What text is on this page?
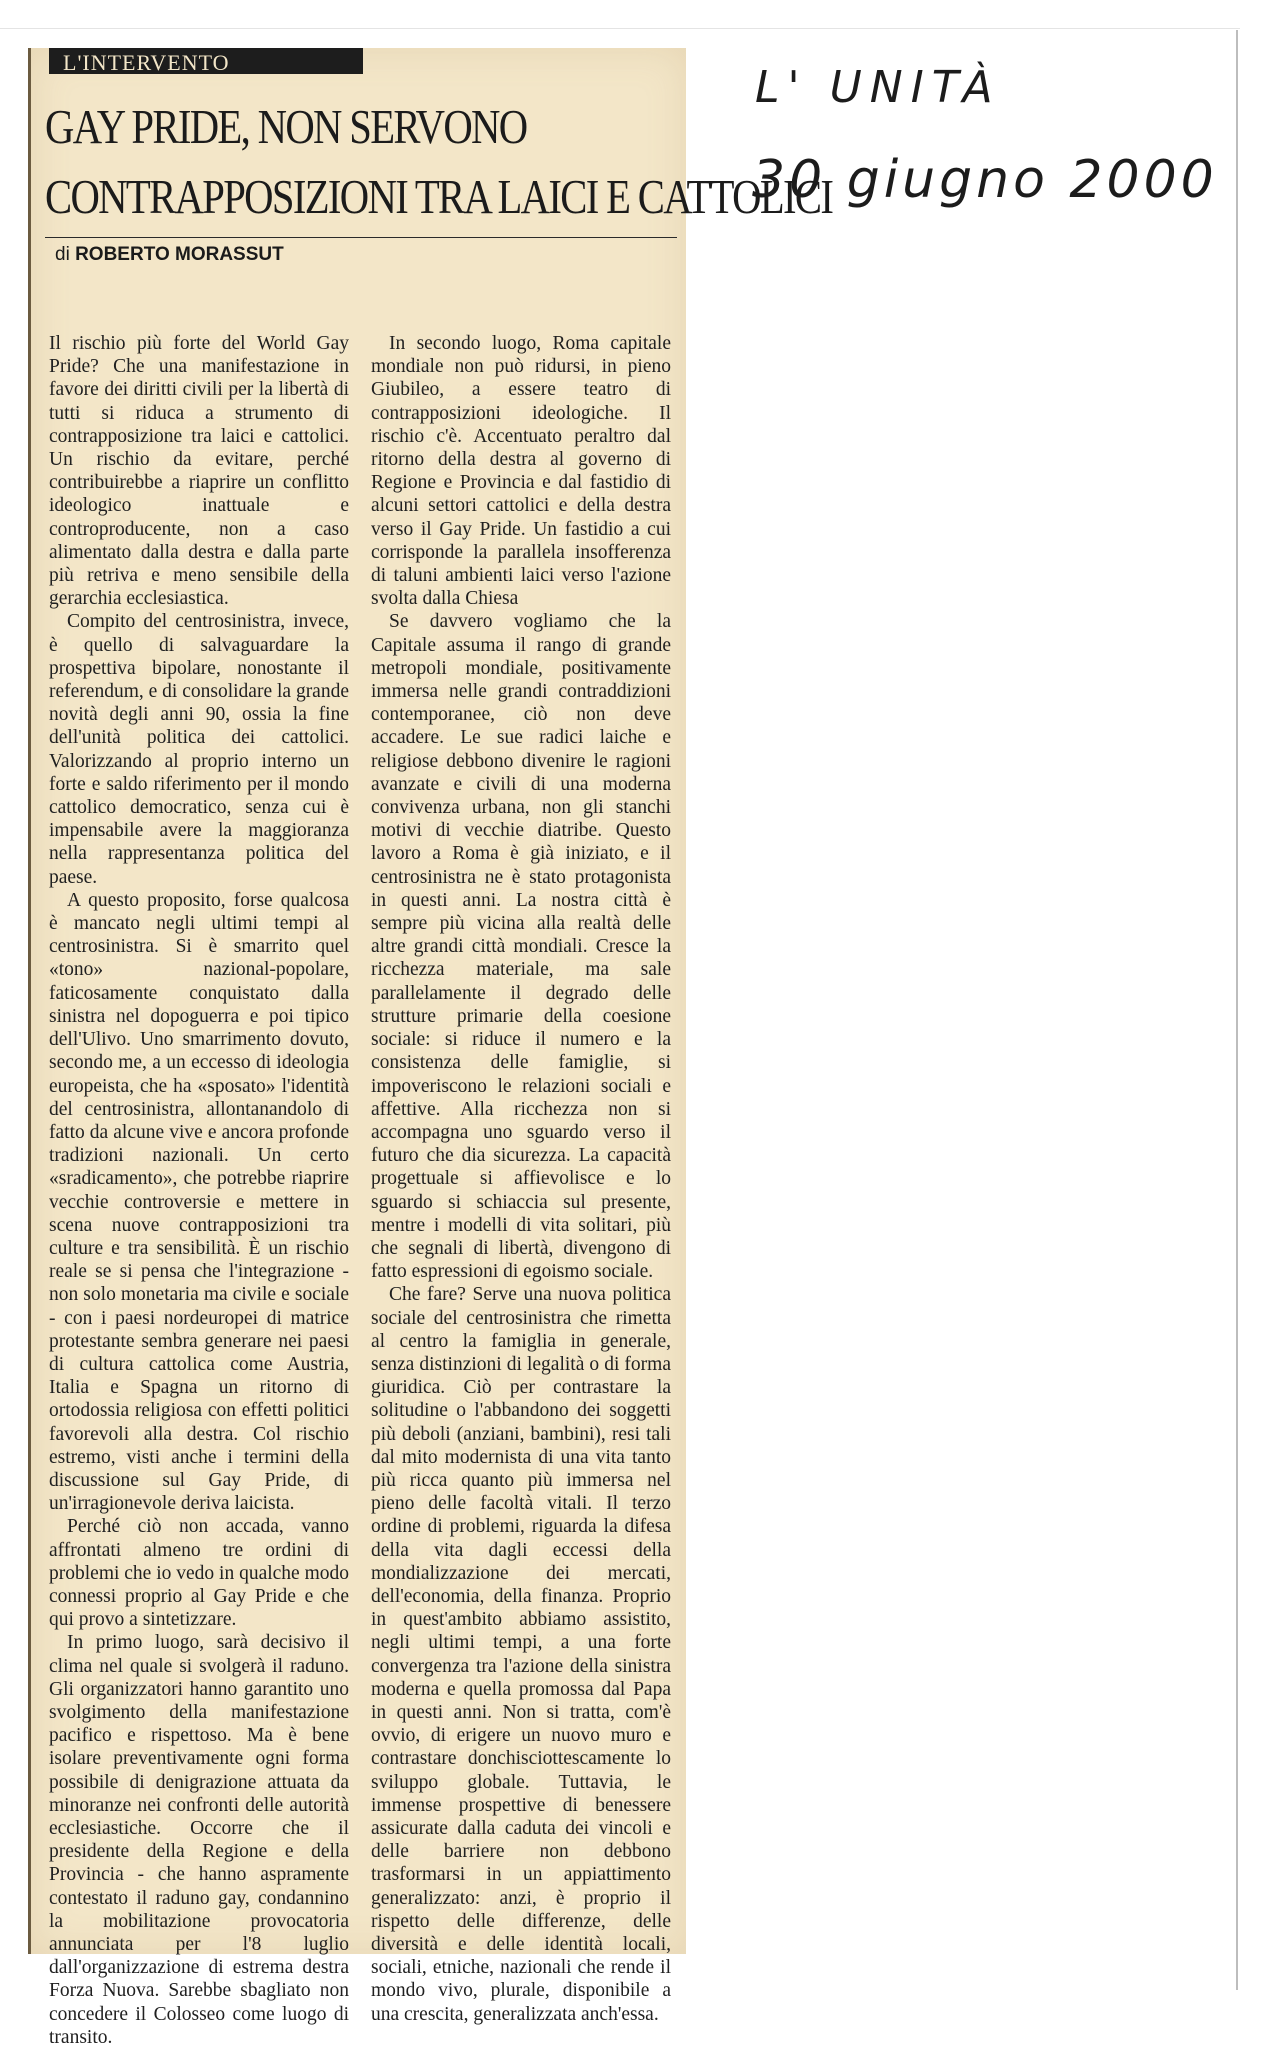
L'INTERVENTO
GAY PRIDE, NON SERVONO
CONTRAPPOSIZIONI TRA LAICI E CATTOLICI
di ROBERTO MORASSUT

Il rischio più forte del World Gay Pride? Che una manifestazione in favore dei diritti civili per la libertà di tutti si riduca a strumento di contrapposizione tra laici e cattolici. Un rischio da evitare, perché contribuirebbe a riaprire un conflitto ideologico inattuale e controproducente, non a caso alimentato dalla destra e dalla parte più retriva e meno sensibile della gerarchia ecclesiastica.

Compito del centrosinistra, invece, è quello di salvaguardare la prospettiva bipolare, nonostante il referendum, e di consolidare la grande novità degli anni 90, ossia la fine dell'unità politica dei cattolici. Valorizzando al proprio interno un forte e saldo riferimento per il mondo cattolico democratico, senza cui è impensabile avere la maggioranza nella rappresentanza politica del paese.

A questo proposito, forse qualcosa è mancato negli ultimi tempi al centrosinistra. Si è smarrito quel «tono» nazional-popolare, faticosamente conquistato dalla sinistra nel dopoguerra e poi tipico dell'Ulivo. Uno smarrimento dovuto, secondo me, a un eccesso di ideologia europeista, che ha «sposato» l'identità del centrosinistra, allontanandolo di fatto da alcune vive e ancora profonde tradizioni nazionali. Un certo «sradicamento», che potrebbe riaprire vecchie controversie e mettere in scena nuove contrapposizioni tra culture e tra sensibilità. È un rischio reale se si pensa che l'integrazione - non solo monetaria ma civile e sociale - con i paesi nordeuropei di matrice protestante sembra generare nei paesi di cultura cattolica come Austria, Italia e Spagna un ritorno di ortodossia religiosa con effetti politici favorevoli alla destra. Col rischio estremo, visti anche i termini della discussione sul Gay Pride, di un'irragionevole deriva laicista.

Perché ciò non accada, vanno affrontati almeno tre ordini di problemi che io vedo in qualche modo connessi proprio al Gay Pride e che qui provo a sintetizzare.

In primo luogo, sarà decisivo il clima nel quale si svolgerà il raduno. Gli organizzatori hanno garantito uno svolgimento della manifestazione pacifico e rispettoso. Ma è bene isolare preventivamente ogni forma possibile di denigrazione attuata da minoranze nei confronti delle autorità ecclesiastiche. Occorre che il presidente della Regione e della Provincia - che hanno aspramente contestato il raduno gay, condannino la mobilitazione provocatoria annunciata per l'8 luglio dall'organizzazione di estrema destra Forza Nuova. Sarebbe sbagliato non concedere il Colosseo come luogo di transito.

In secondo luogo, Roma capitale mondiale non può ridursi, in pieno Giubileo, a essere teatro di contrapposizioni ideologiche. Il rischio c'è. Accentuato peraltro dal ritorno della destra al governo di Regione e Provincia e dal fastidio di alcuni settori cattolici e della destra verso il Gay Pride. Un fastidio a cui corrisponde la parallela insofferenza di taluni ambienti laici verso l'azione svolta dalla Chiesa

Se davvero vogliamo che la Capitale assuma il rango di grande metropoli mondiale, positivamente immersa nelle grandi contraddizioni contemporanee, ciò non deve accadere. Le sue radici laiche e religiose debbono divenire le ragioni avanzate e civili di una moderna convivenza urbana, non gli stanchi motivi di vecchie diatribe. Questo lavoro a Roma è già iniziato, e il centrosinistra ne è stato protagonista in questi anni. La nostra città è sempre più vicina alla realtà delle altre grandi città mondiali. Cresce la ricchezza materiale, ma sale parallelamente il degrado delle strutture primarie della coesione sociale: si riduce il numero e la consistenza delle famiglie, si impoveriscono le relazioni sociali e affettive. Alla ricchezza non si accompagna uno sguardo verso il futuro che dia sicurezza. La capacità progettuale si affievolisce e lo sguardo si schiaccia sul presente, mentre i modelli di vita solitari, più che segnali di libertà, divengono di fatto espressioni di egoismo sociale.

Che fare? Serve una nuova politica sociale del centrosinistra che rimetta al centro la famiglia in generale, senza distinzioni di legalità o di forma giuridica. Ciò per contrastare la solitudine o l'abbandono dei soggetti più deboli (anziani, bambini), resi tali dal mito modernista di una vita tanto più ricca quanto più immersa nel pieno delle facoltà vitali. Il terzo ordine di problemi, riguarda la difesa della vita dagli eccessi della mondializzazione dei mercati, dell'economia, della finanza. Proprio in quest'ambito abbiamo assistito, negli ultimi tempi, a una forte convergenza tra l'azione della sinistra moderna e quella promossa dal Papa in questi anni. Non si tratta, com'è ovvio, di erigere un nuovo muro e contrastare donchisciottescamente lo sviluppo globale. Tuttavia, le immense prospettive di benessere assicurate dalla caduta dei vincoli e delle barriere non debbono trasformarsi in un appiattimento generalizzato: anzi, è proprio il rispetto delle differenze, delle diversità e delle identità locali, sociali, etniche, nazionali che rende il mondo vivo, plurale, disponibile a una crescita, generalizzata anch'essa.

L' UNITÀ
30 giugno 2000
